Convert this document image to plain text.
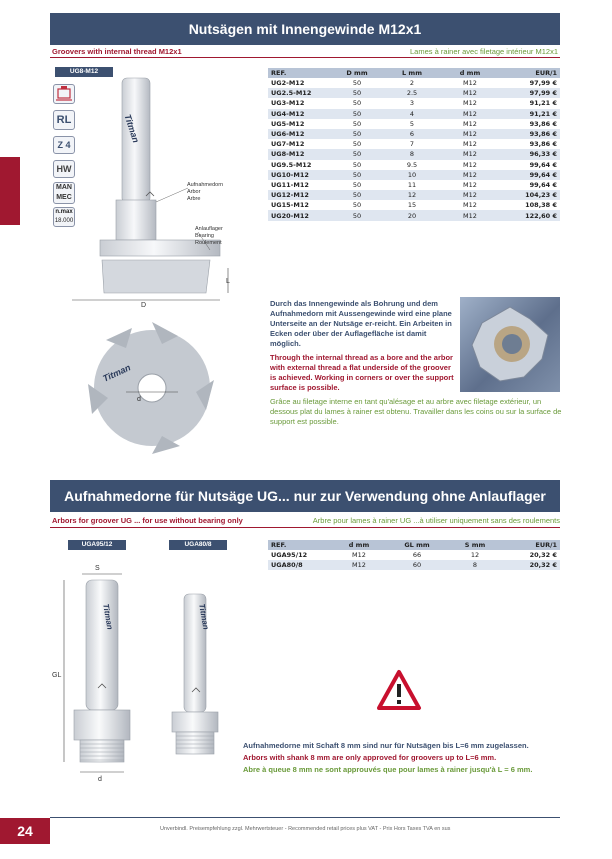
Nutsägen mit Innengewinde M12x1
Groovers with internal thread M12x1	Lames à rainer avec filetage intérieur M12x1
UG8-M12
RL
Z 4
HW
MAN
MEC
n.max
18.000
Titman
Aufnahmedorn
Arbor
Arbre
Anlauflager
Bearing
Roulement
L
D
Titman
d
REF.	D mm	L mm	d mm	EUR/1
UG2-M12	50	2	M12	97,99 €
UG2.5-M12	50	2.5	M12	97,99 €
UG3-M12	50	3	M12	91,21 €
UG4-M12	50	4	M12	91,21 €
UG5-M12	50	5	M12	93,86 €
UG6-M12	50	6	M12	93,86 €
UG7-M12	50	7	M12	93,86 €
UG8-M12	50	8	M12	96,33 €
UG9.5-M12	50	9.5	M12	99,64 €
UG10-M12	50	10	M12	99,64 €
UG11-M12	50	11	M12	99,64 €
UG12-M12	50	12	M12	104,23 €
UG15-M12	50	15	M12	108,38 €
UG20-M12	50	20	M12	122,60 €
Durch das Innengewinde als Bohrung und dem Aufnahmedorn mit Aussengewinde wird eine plane Unterseite an der Nutsäge er-reicht. Ein Arbeiten in Ecken oder über der Auflagefläche ist damit möglich.
Through the internal thread as a bore and the arbor with external thread a flat underside of the groover is achieved. Working in corners or over the support surface is possible.
Grâce au filetage interne en tant qu'alésage et au arbre avec filetage extérieur, un dessous plat du lames à rainer est obtenu. Travailler dans les coins ou sur la surface de support est possible.
Aufnahmedorne für Nutsäge UG... nur zur Verwendung ohne Anlauflager
Arbors for groover UG ... for use without bearing only	Arbre pour lames à rainer UG ...à utiliser uniquement sans des roulements
UGA95/12	UGA80/8
Titman	Titman
S
GL
d
REF.	d mm	GL mm	S mm	EUR/1
UGA95/12	M12	66	12	20,32 €
UGA80/8	M12	60	8	20,32 €
Aufnahmedorne mit Schaft 8 mm sind nur für Nutsägen bis L=6 mm zugelassen.
Arbors with shank 8 mm are only approved for groovers up to L=6 mm.
Abre à queue 8 mm ne sont approuvés que pour lames à rainer jusqu'à L = 6 mm.
24	Unverbindl. Preisempfehlung zzgl. Mehrwertsteuer - Recommended retail prices plus VAT - Prix Hors Taxes TVA en sus
